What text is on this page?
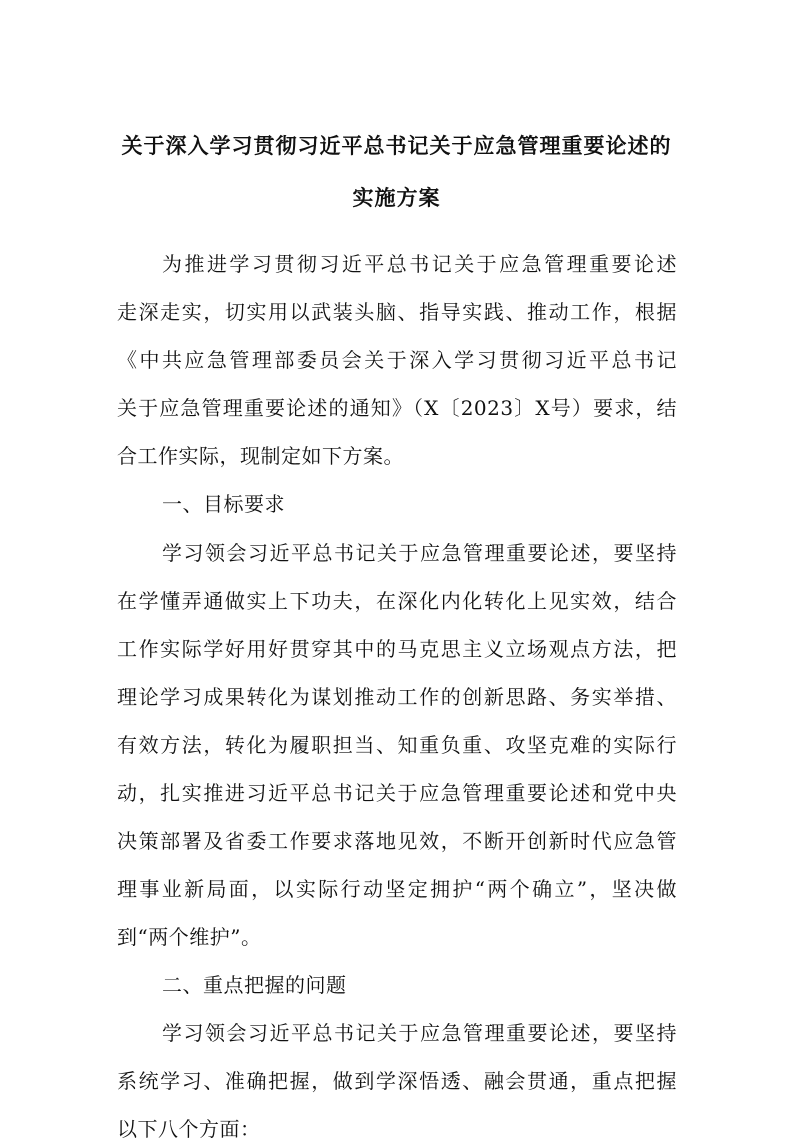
关于深入学习贯彻习近平总书记关于应急管理重要论述的
实施方案
为推进学习贯彻习近平总书记关于应急管理重要论述
走深走实，切实用以武装头脑、指导实践、推动工作，根据
《中共应急管理部委员会关于深入学习贯彻习近平总书记
关于应急管理重要论述的通知》（X〔2023〕X号）要求，结
合工作实际，现制定如下方案。
一、目标要求
学习领会习近平总书记关于应急管理重要论述，要坚持
在学懂弄通做实上下功夫，在深化内化转化上见实效，结合
工作实际学好用好贯穿其中的马克思主义立场观点方法，把
理论学习成果转化为谋划推动工作的创新思路、务实举措、
有效方法，转化为履职担当、知重负重、攻坚克难的实际行
动，扎实推进习近平总书记关于应急管理重要论述和党中央
决策部署及省委工作要求落地见效，不断开创新时代应急管
理事业新局面，以实际行动坚定拥护“两个确立”，坚决做
到“两个维护”。
二、重点把握的问题
学习领会习近平总书记关于应急管理重要论述，要坚持
系统学习、准确把握，做到学深悟透、融会贯通，重点把握
以下八个方面：
